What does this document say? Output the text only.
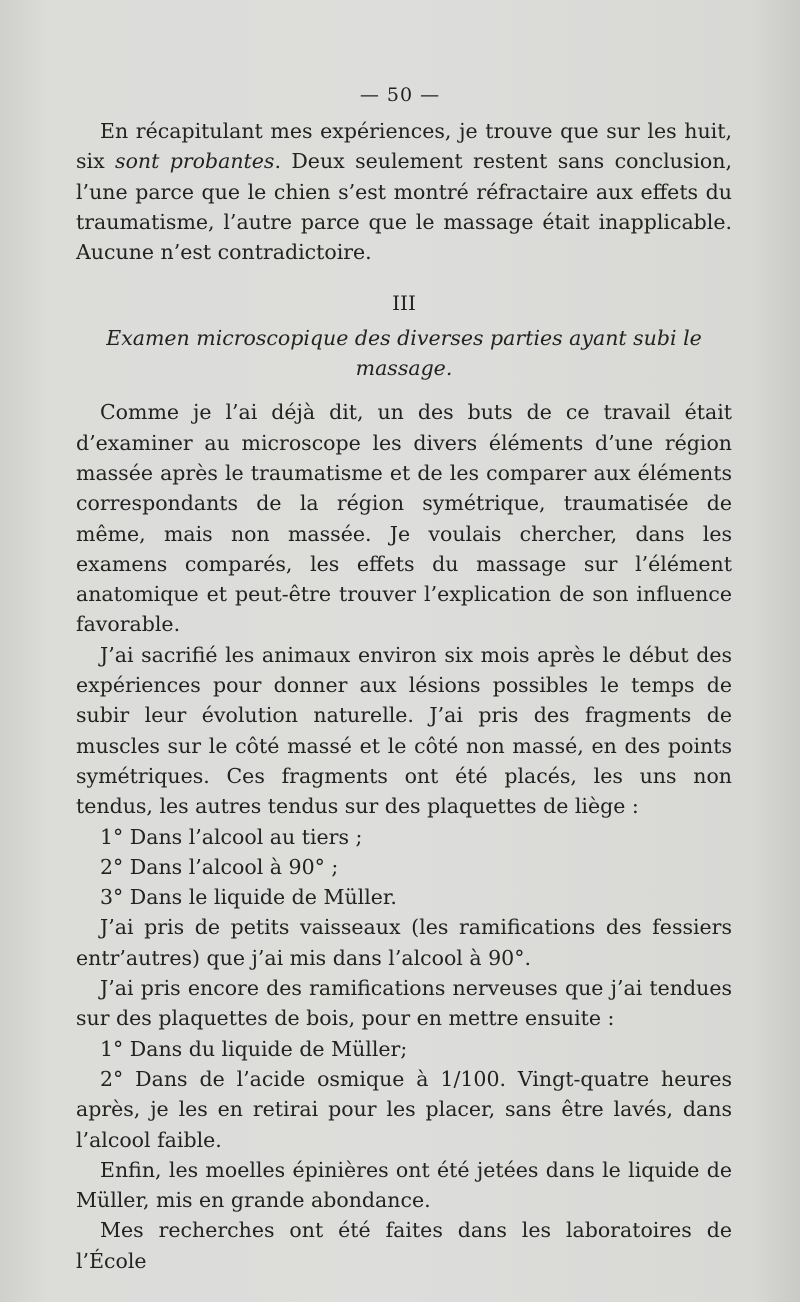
— 50 —

En récapitulant mes expériences, je trouve que sur les huit, six sont probantes. Deux seulement restent sans conclusion, l’une parce que le chien s’est montré réfractaire aux effets du traumatisme, l’autre parce que le massage était inapplicable. Aucune n’est contradictoire.

III

Examen microscopique des diverses parties ayant subi le massage.

Comme je l’ai déjà dit, un des buts de ce travail était d’examiner au microscope les divers éléments d’une région massée après le traumatisme et de les comparer aux éléments correspondants de la région symétrique, traumatisée de même, mais non massée. Je voulais chercher, dans les examens comparés, les effets du massage sur l’élément anatomique et peut-être trouver l’explication de son influence favorable.

J’ai sacrifié les animaux environ six mois après le début des expériences pour donner aux lésions possibles le temps de subir leur évolution naturelle. J’ai pris des fragments de muscles sur le côté massé et le côté non massé, en des points symétriques. Ces fragments ont été placés, les uns non tendus, les autres tendus sur des plaquettes de liège :

1° Dans l’alcool au tiers ;

2° Dans l’alcool à 90° ;

3° Dans le liquide de Müller.

J’ai pris de petits vaisseaux (les ramifications des fessiers entr’autres) que j’ai mis dans l’alcool à 90°.

J’ai pris encore des ramifications nerveuses que j’ai tendues sur des plaquettes de bois, pour en mettre ensuite :

1° Dans du liquide de Müller;

2° Dans de l’acide osmique à 1/100. Vingt-quatre heures après, je les en retirai pour les placer, sans être lavés, dans l’alcool faible.

Enfin, les moelles épinières ont été jetées dans le liquide de Müller, mis en grande abondance.

Mes recherches ont été faites dans les laboratoires de l’École
